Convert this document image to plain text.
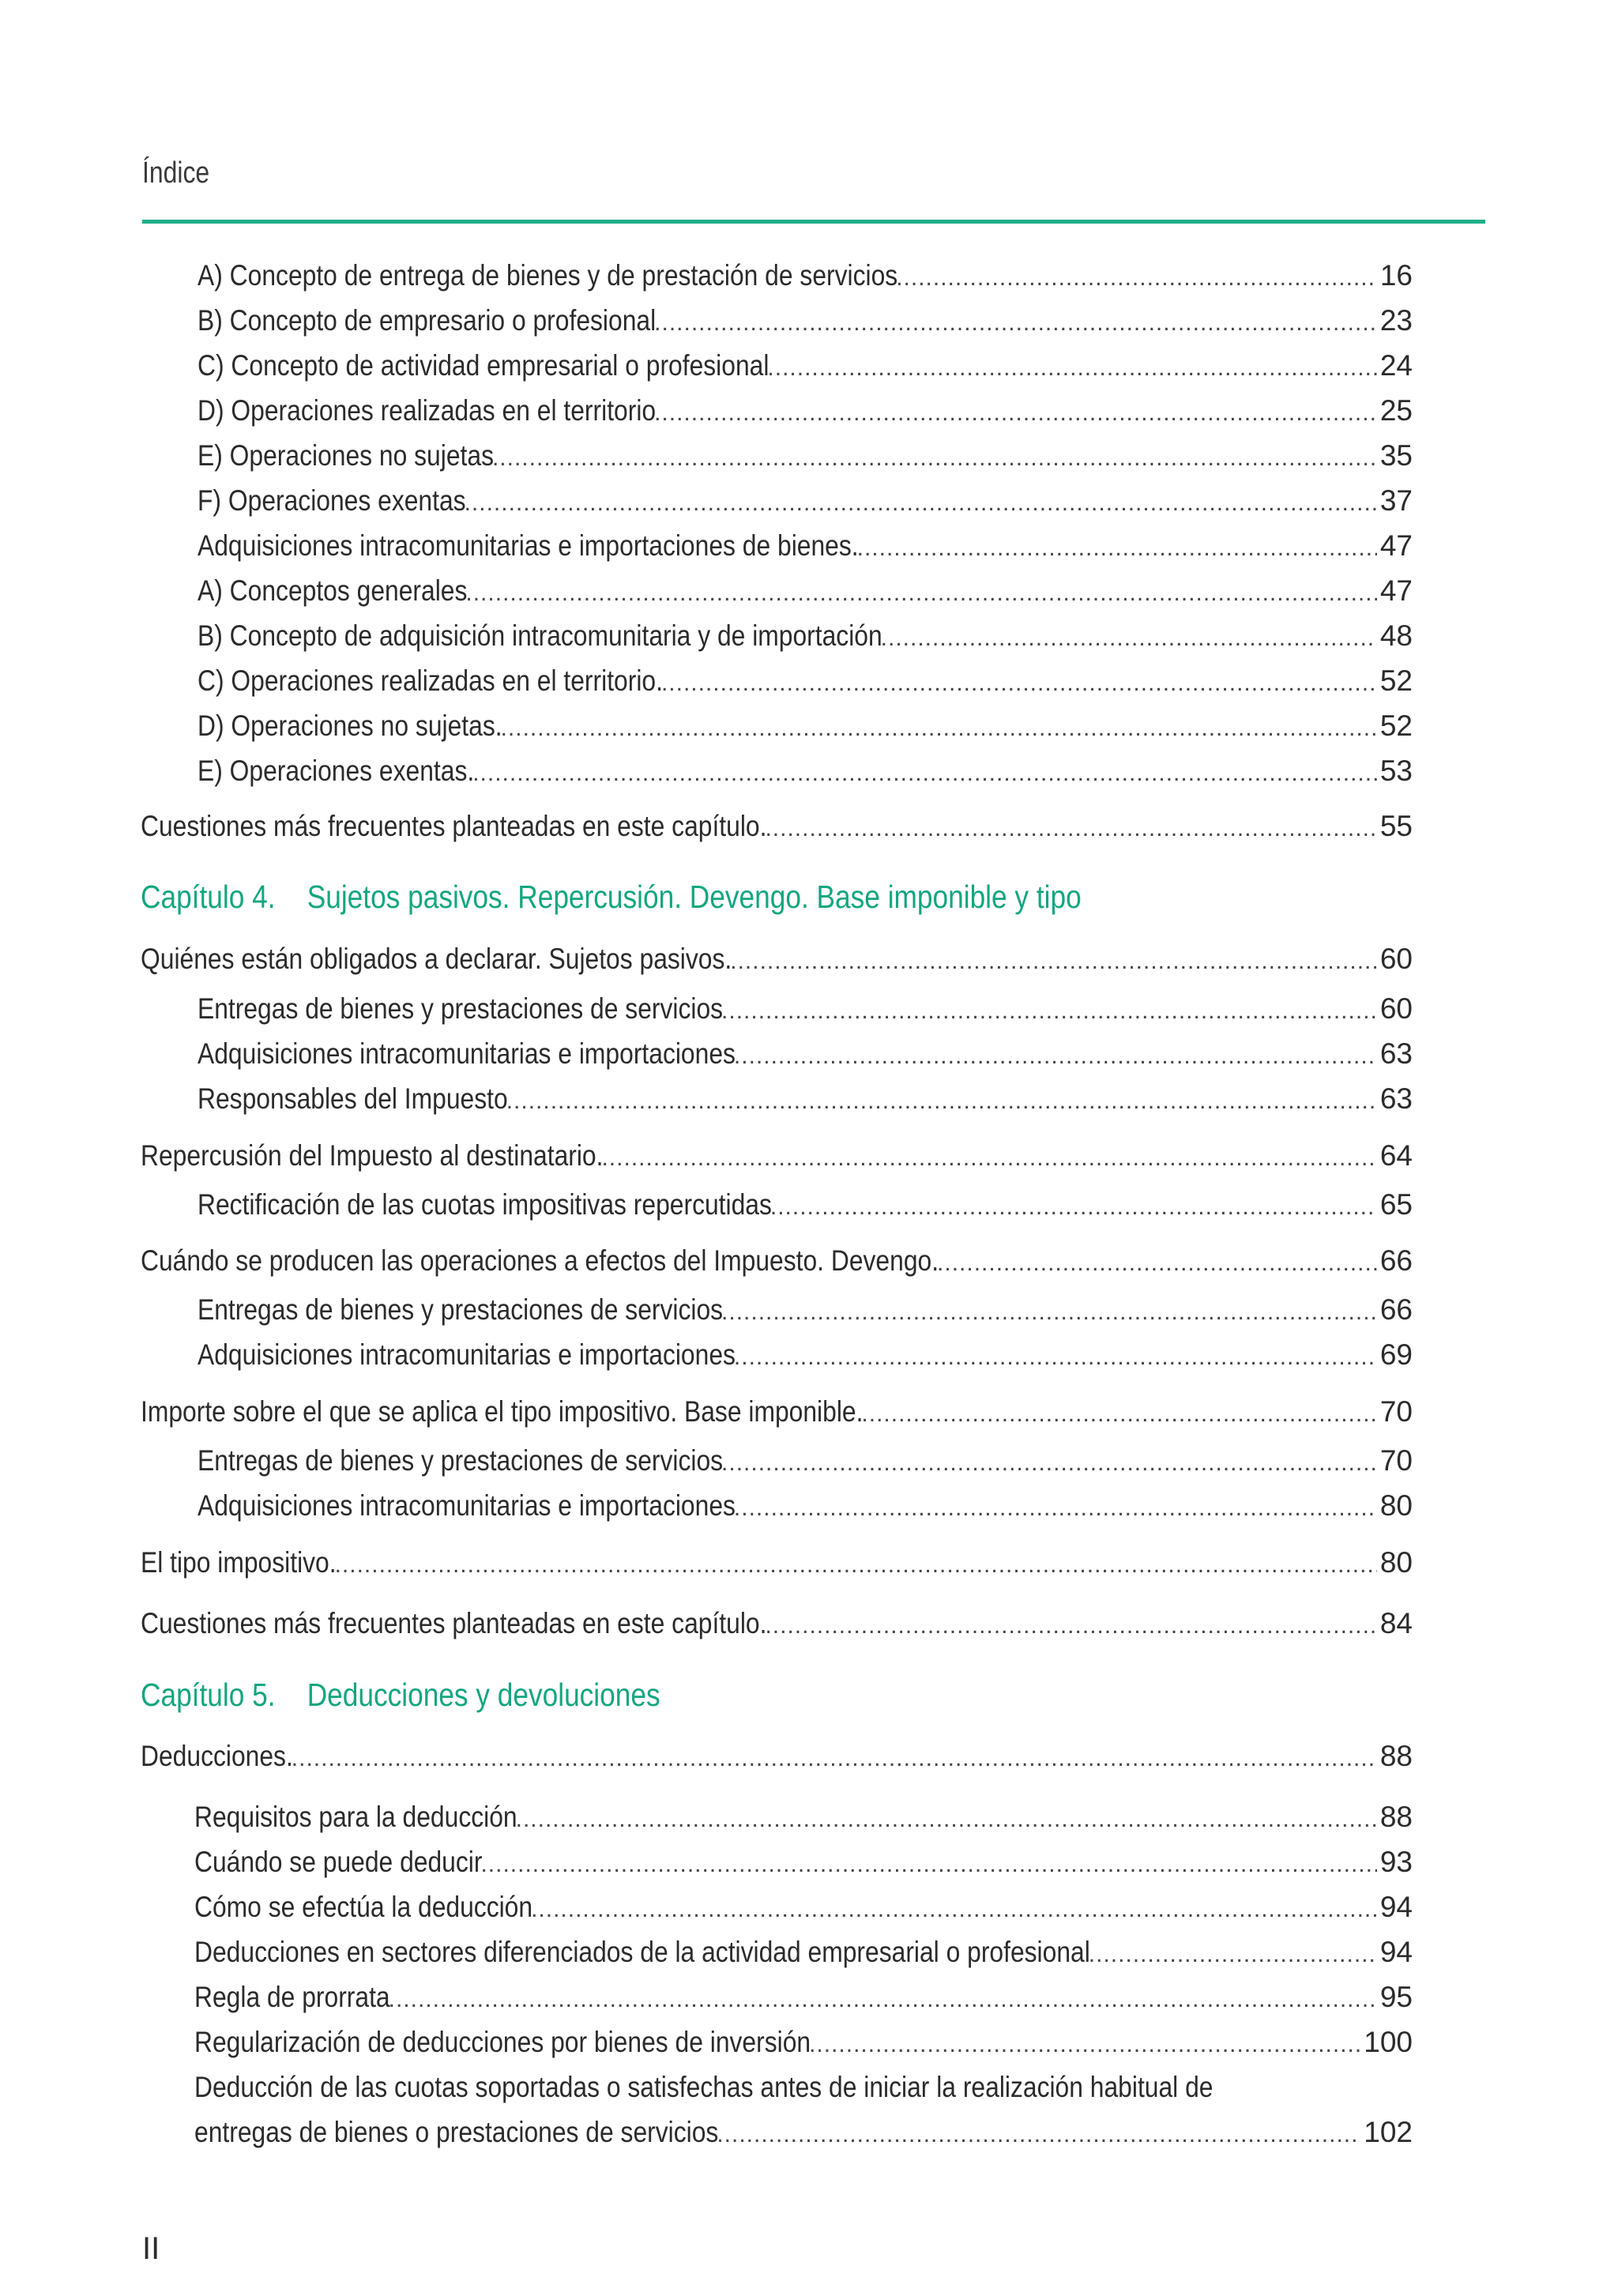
Índice
A) Concepto de entrega de bienes y de prestación de servicios .....	16
B) Concepto de empresario o profesional .....	23
C) Concepto de actividad empresarial o profesional .....	24
D) Operaciones realizadas en el territorio .....	25
E) Operaciones no sujetas .....	35
F) Operaciones exentas .....	37
Adquisiciones intracomunitarias e importaciones de bienes. .....	47
A) Conceptos generales .....	47
B) Concepto de adquisición intracomunitaria y de importación .....	48
C) Operaciones realizadas en el territorio. .....	52
D) Operaciones no sujetas. .....	52
E) Operaciones exentas. .....	53
Cuestiones más frecuentes planteadas en este capítulo. .....	55
Capítulo 4. Sujetos pasivos. Repercusión. Devengo. Base imponible y tipo
Quiénes están obligados a declarar. Sujetos pasivos. .....	60
Entregas de bienes y prestaciones de servicios .....	60
Adquisiciones intracomunitarias e importaciones .....	63
Responsables del Impuesto .....	63
Repercusión del Impuesto al destinatario. .....	64
Rectificación de las cuotas impositivas repercutidas .....	65
Cuándo se producen las operaciones a efectos del Impuesto. Devengo. .....	66
Entregas de bienes y prestaciones de servicios .....	66
Adquisiciones intracomunitarias e importaciones .....	69
Importe sobre el que se aplica el tipo impositivo. Base imponible. .....	70
Entregas de bienes y prestaciones de servicios .....	70
Adquisiciones intracomunitarias e importaciones .....	80
El tipo impositivo. .....	80
Cuestiones más frecuentes planteadas en este capítulo. .....	84
Capítulo 5. Deducciones y devoluciones
Deducciones. .....	88
Requisitos para la deducción .....	88
Cuándo se puede deducir .....	93
Cómo se efectúa la deducción .....	94
Deducciones en sectores diferenciados de la actividad empresarial o profesional .....	94
Regla de prorrata .....	95
Regularización de deducciones por bienes de inversión .....	100
Deducción de las cuotas soportadas o satisfechas antes de iniciar la realización habitual de
entregas de bienes o prestaciones de servicios .....	102
II
